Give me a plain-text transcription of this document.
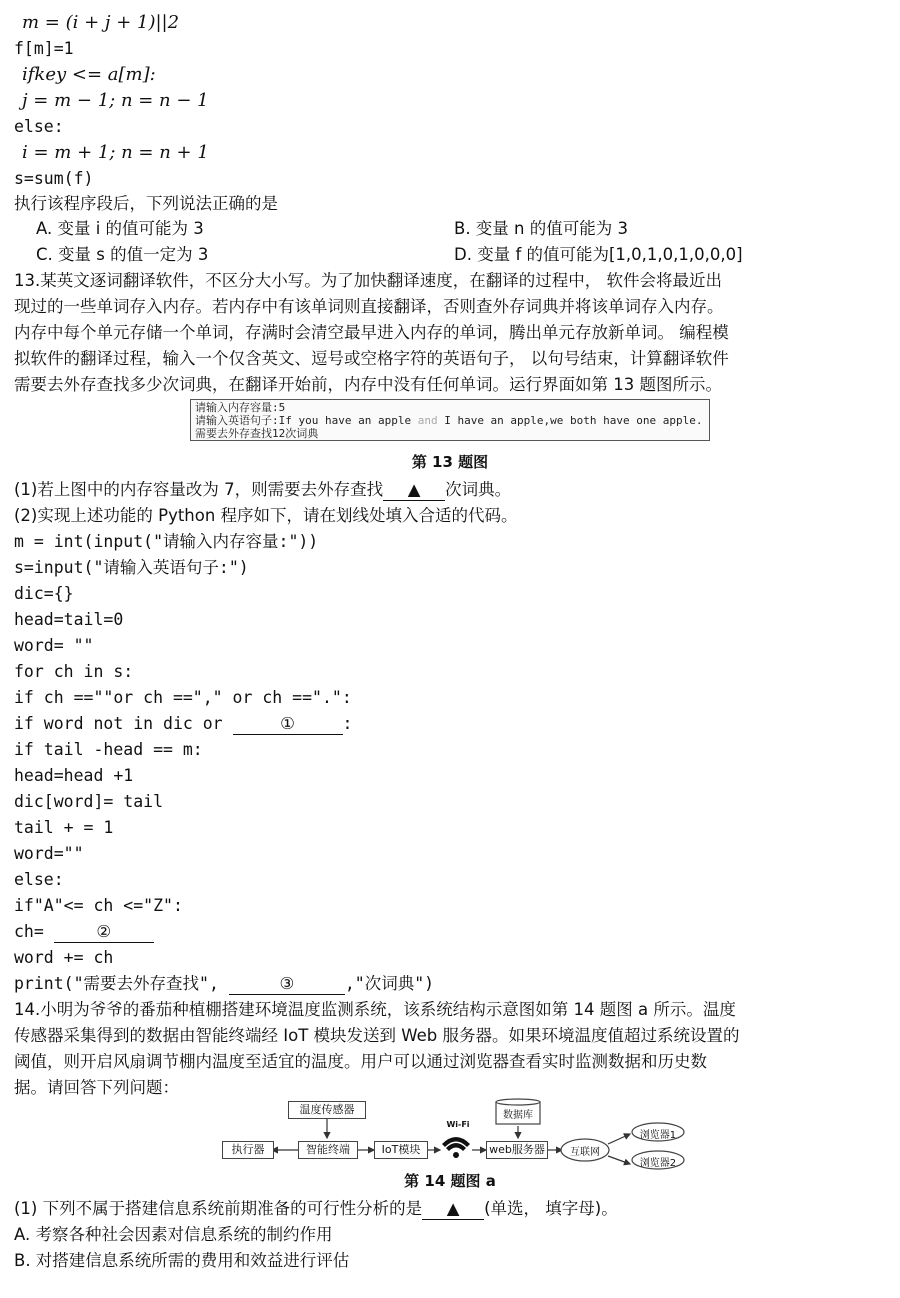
m = (i + j + 1)||2
f[m]=1
ifkey <= a[m]:
j = m − 1; n = n − 1
else:
i = m + 1; n = n + 1
s=sum(f)
执行该程序段后，下列说法正确的是
A. 变量 i 的值可能为 3	B. 变量 n 的值可能为 3
C. 变量 s 的值一定为 3	D. 变量 f 的值可能为[1,0,1,0,1,0,0,0]
13.某英文逐词翻译软件，不区分大小写。为了加快翻译速度，在翻译的过程中， 软件会将最近出
现过的一些单词存入内存。若内存中有该单词则直接翻译，否则查外存词典并将该单词存入内存。
内存中每个单元存储一个单词，存满时会清空最早进入内存的单词，腾出单元存放新单词。 编程模
拟软件的翻译过程，输入一个仅含英文、逗号或空格字符的英语句子， 以句号结束，计算翻译软件
需要去外存查找多少次词典，在翻译开始前，内存中没有任何单词。运行界面如第 13 题图所示。
请输入内存容量:5
请输入英语句子:If you have an apple and I have an apple,we both have one apple.
需要去外存查找12次词典
第 13 题图
(1)若上图中的内存容量改为 7，则需要去外存查找 ▲ 次词典。
(2)实现上述功能的 Python 程序如下，请在划线处填入合适的代码。
m = int(input("请输入内存容量:"))
s=input("请输入英语句子:")
dic={}
head=tail=0
word= ""
for ch in s:
if ch ==""or ch =="," or ch ==".":
if word not in dic or	①	:
if tail -head == m:
head=head +1
dic[word]= tail
tail + = 1
word=""
else:
if"A"<= ch <="Z":
ch=	②
word += ch
print("需要去外存查找",	③	,"次词典")
14.小明为爷爷的番茄种植棚搭建环境温度监测系统，该系统结构示意图如第 14 题图 a 所示。温度
传感器采集得到的数据由智能终端经 IoT 模块发送到 Web 服务器。如果环境温度值超过系统设置的
阈值，则开启风扇调节棚内温度至适宜的温度。用户可以通过浏览器查看实时监测数据和历史数
据。请回答下列问题：
温度传感器
执行器	智能终端	IoT模块
Wi-Fi
数据库
web服务器	互联网
浏览器1
浏览器2
第 14 题图 a
(1) 下列不属于搭建信息系统前期准备的可行性分析的是 ▲ (单选， 填字母)。
A. 考察各种社会因素对信息系统的制约作用
B. 对搭建信息系统所需的费用和效益进行评估
